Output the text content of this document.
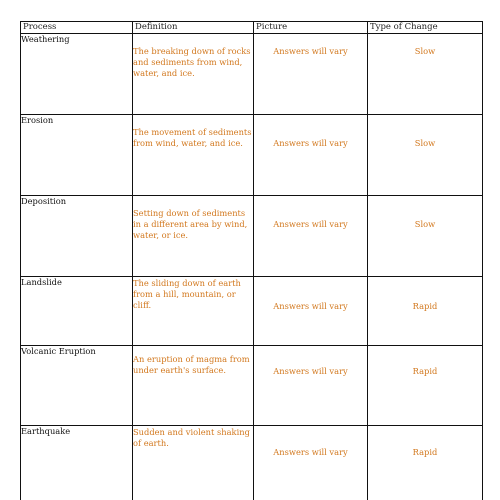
Process	Definition	Picture	Type of Change
Weathering	The breaking down of rocks and sediments from wind, water, and ice.	Answers will vary	Slow

Erosion	The movement of sediments from wind, water, and ice.	Answers will vary	Slow

Deposition	Setting down of sediments in a different area by wind, water, or ice.	Answers will vary	Slow

Landslide	The sliding down of earth from a hill, mountain, or cliff.	Answers will vary	Rapid

Volcanic Eruption	An eruption of magma from under earth's surface.	Answers will vary	Rapid

Earthquake	Sudden and violent shaking of earth.	Answers will vary	Rapid
